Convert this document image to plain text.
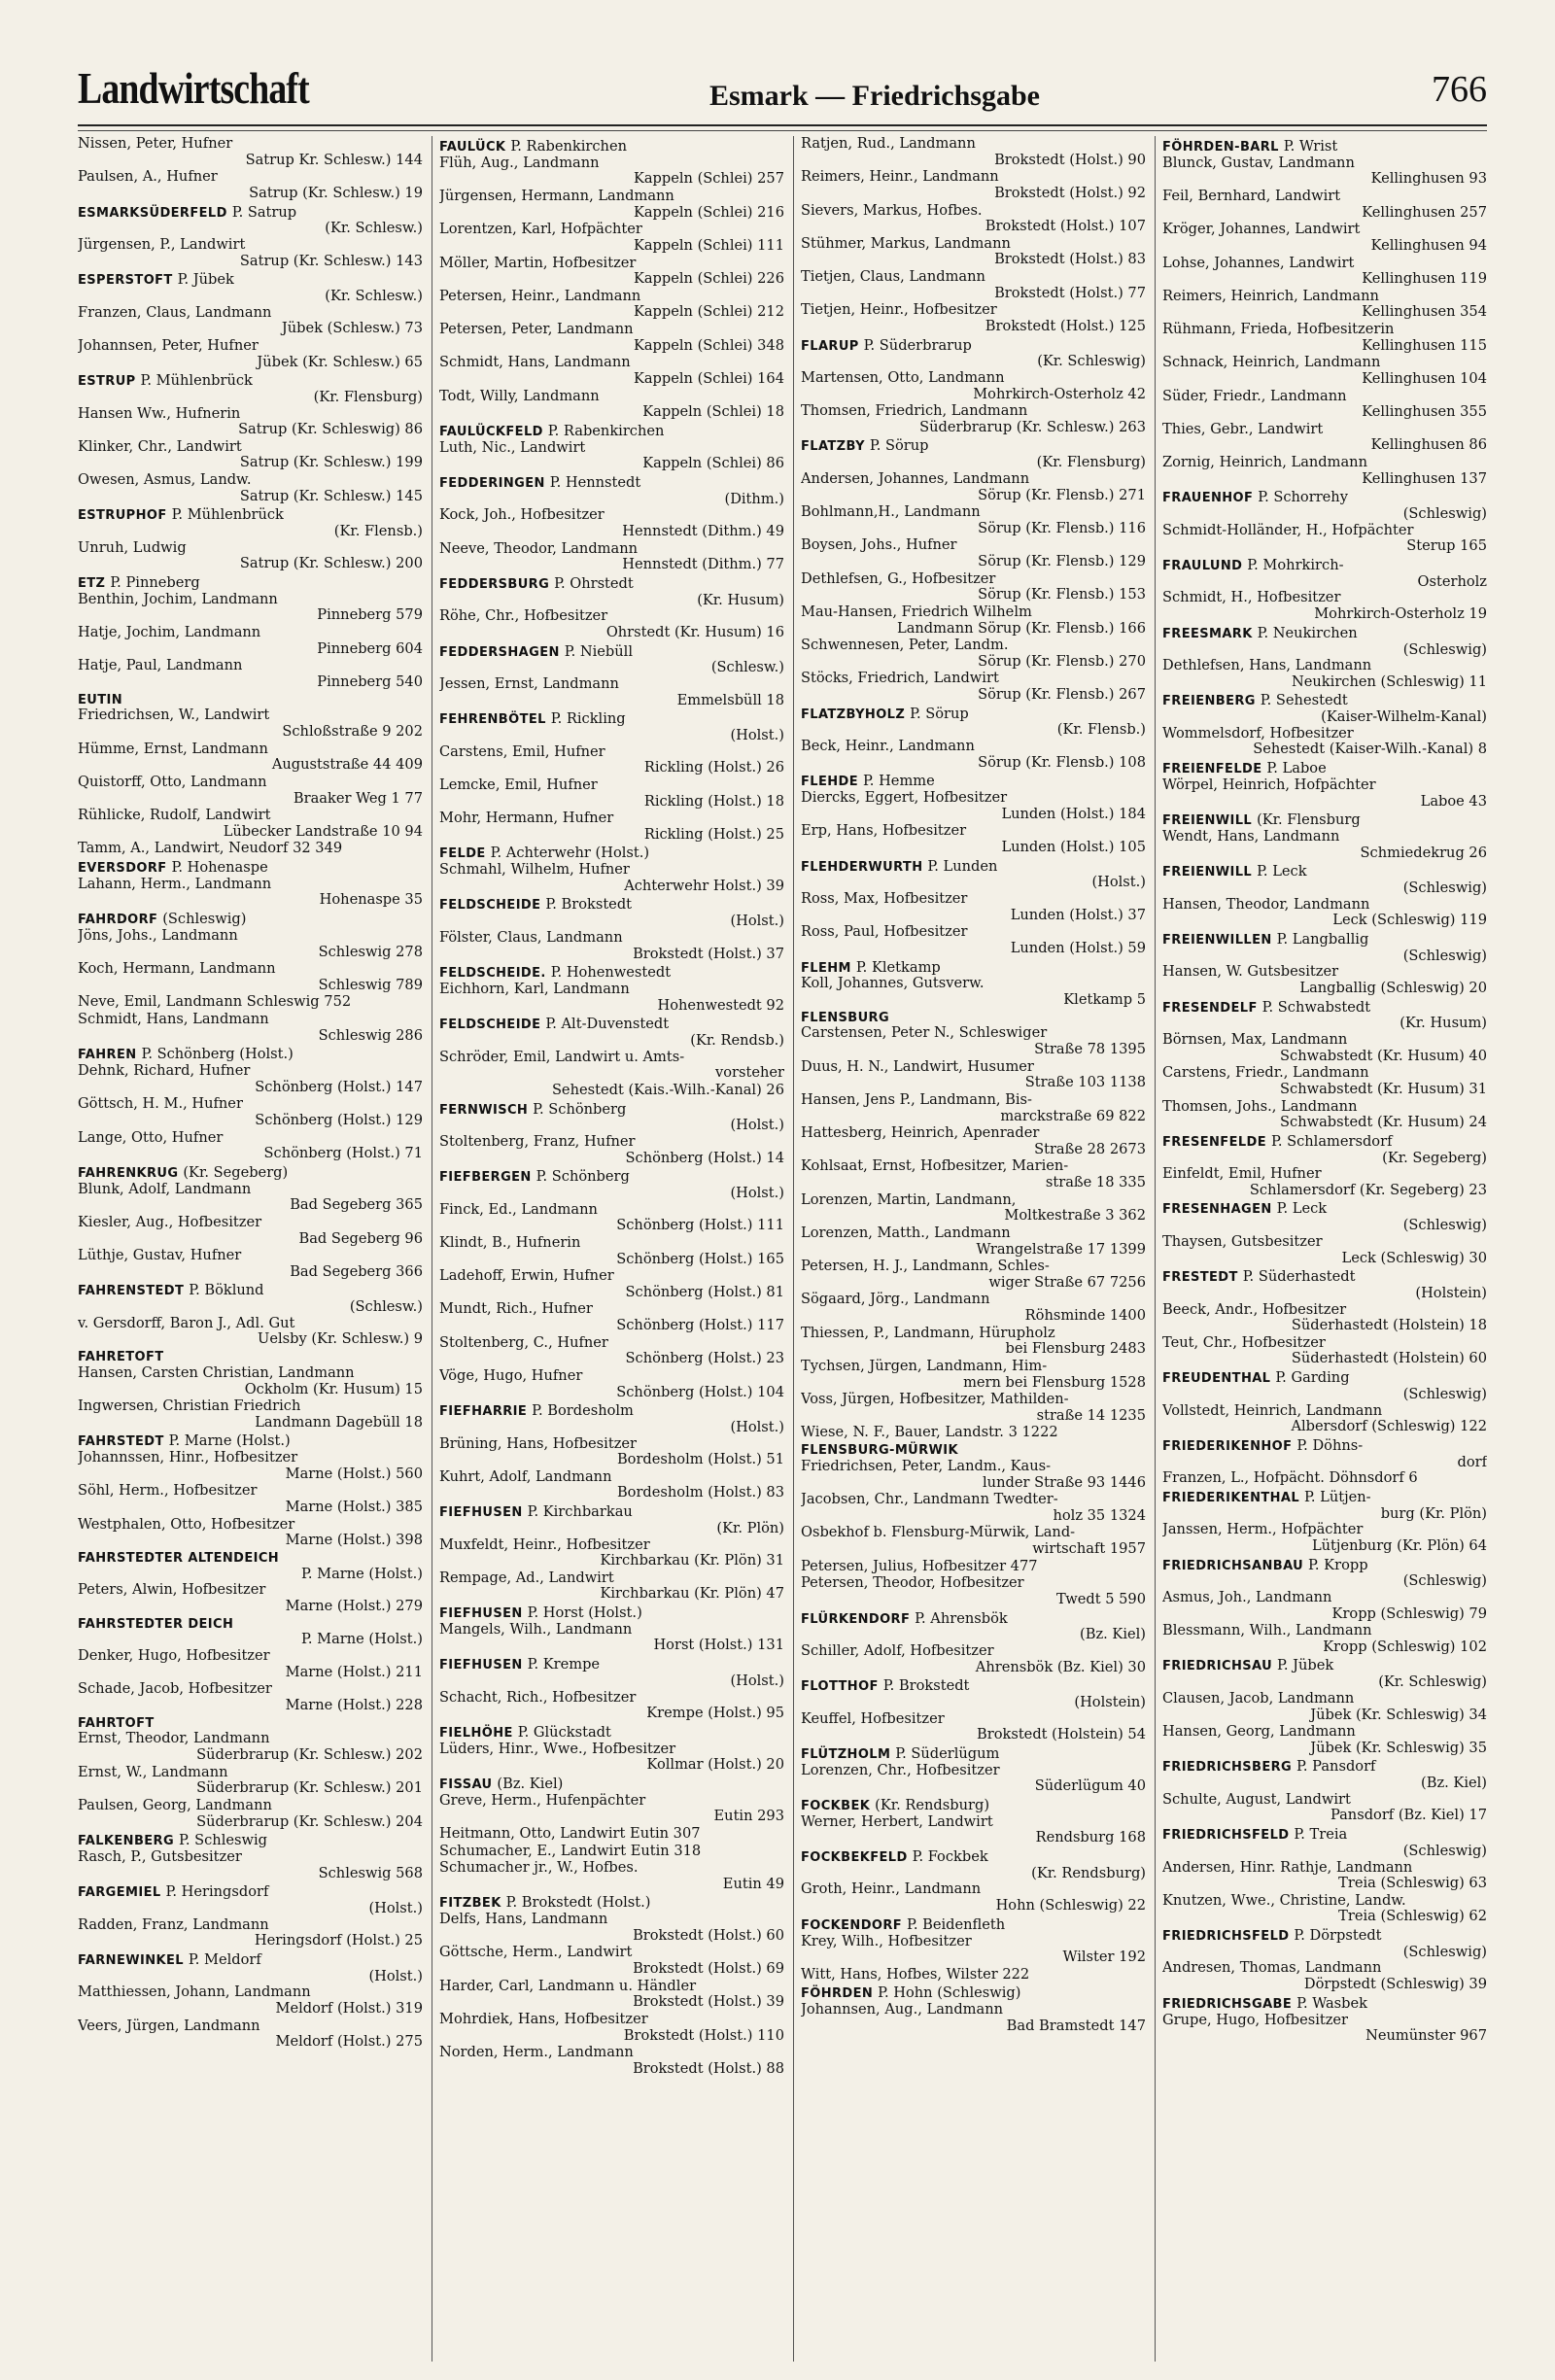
Landwirtschaft	Esmark — Friedrichsgabe	766
Nissen, Peter, Hufner
Satrup Kr. Schlesw.) 144
Paulsen, A., Hufner
Satrup (Kr. Schlesw.) 19
ESMARKSÜDERFELD P. Satrup
(Kr. Schlesw.)
Jürgensen, P., Landwirt
Satrup (Kr. Schlesw.) 143
ESPERSTOFT P. Jübek
(Kr. Schlesw.)
Franzen, Claus, Landmann
Jübek (Schlesw.) 73
Johannsen, Peter, Hufner
Jübek (Kr. Schlesw.) 65
ESTRUP P. Mühlenbrück
(Kr. Flensburg)
Hansen Ww., Hufnerin
Satrup (Kr. Schleswig) 86
Klinker, Chr., Landwirt
Satrup (Kr. Schlesw.) 199
Owesen, Asmus, Landw.
Satrup (Kr. Schlesw.) 145
ESTRUPHOF P. Mühlenbrück
(Kr. Flensb.)
Unruh, Ludwig
Satrup (Kr. Schlesw.) 200
ETZ P. Pinneberg
Benthin, Jochim, Landmann
Pinneberg 579
Hatje, Jochim, Landmann
Pinneberg 604
Hatje, Paul, Landmann
Pinneberg 540
EUTIN
Friedrichsen, W., Landwirt
Schloßstraße 9 202
Hümme, Ernst, Landmann
Auguststraße 44 409
Quistorff, Otto, Landmann
Braaker Weg 1 77
Rühlicke, Rudolf, Landwirt
Lübecker Landstraße 10 94
Tamm, A., Landwirt, Neudorf 32 349
EVERSDORF P. Hohenaspe
Lahann, Herm., Landmann
Hohenaspe 35
FAHRDORF (Schleswig)
Jöns, Johs., Landmann
Schleswig 278
Koch, Hermann, Landmann
Schleswig 789
Neve, Emil, Landmann Schleswig 752
Schmidt, Hans, Landmann
Schleswig 286
FAHREN P. Schönberg (Holst.)
Dehnk, Richard, Hufner
Schönberg (Holst.) 147
Göttsch, H. M., Hufner
Schönberg (Holst.) 129
Lange, Otto, Hufner
Schönberg (Holst.) 71
FAHRENKRUG (Kr. Segeberg)
Blunk, Adolf, Landmann
Bad Segeberg 365
Kiesler, Aug., Hofbesitzer
Bad Segeberg 96
Lüthje, Gustav, Hufner
Bad Segeberg 366
FAHRENSTEDT P. Böklund
(Schlesw.)
v. Gersdorff, Baron J., Adl. Gut
Uelsby (Kr. Schlesw.) 9
FAHRETOFT
Hansen, Carsten Christian, Landmann
Ockholm (Kr. Husum) 15
Ingwersen, Christian Friedrich
Landmann Dagebüll 18
FAHRSTEDT P. Marne (Holst.)
Johannssen, Hinr., Hofbesitzer
Marne (Holst.) 560
Söhl, Herm., Hofbesitzer
Marne (Holst.) 385
Westphalen, Otto, Hofbesitzer
Marne (Holst.) 398
FAHRSTEDTER ALTENDEICH
P. Marne (Holst.)
Peters, Alwin, Hofbesitzer
Marne (Holst.) 279
FAHRSTEDTER DEICH
P. Marne (Holst.)
Denker, Hugo, Hofbesitzer
Marne (Holst.) 211
Schade, Jacob, Hofbesitzer
Marne (Holst.) 228
FAHRTOFT
Ernst, Theodor, Landmann
Süderbrarup (Kr. Schlesw.) 202
Ernst, W., Landmann
Süderbrarup (Kr. Schlesw.) 201
Paulsen, Georg, Landmann
Süderbrarup (Kr. Schlesw.) 204
FALKENBERG P. Schleswig
Rasch, P., Gutsbesitzer
Schleswig 568
FARGEMIEL P. Heringsdorf
(Holst.)
Radden, Franz, Landmann
Heringsdorf (Holst.) 25
FARNEWINKEL P. Meldorf
(Holst.)
Matthiessen, Johann, Landmann
Meldorf (Holst.) 319
Veers, Jürgen, Landmann
Meldorf (Holst.) 275
FAULÜCK P. Rabenkirchen
Flüh, Aug., Landmann
Kappeln (Schlei) 257
Jürgensen, Hermann, Landmann
Kappeln (Schlei) 216
Lorentzen, Karl, Hofpächter
Kappeln (Schlei) 111
Möller, Martin, Hofbesitzer
Kappeln (Schlei) 226
Petersen, Heinr., Landmann
Kappeln (Schlei) 212
Petersen, Peter, Landmann
Kappeln (Schlei) 348
Schmidt, Hans, Landmann
Kappeln (Schlei) 164
Todt, Willy, Landmann
Kappeln (Schlei) 18
FAULÜCKFELD P. Rabenkirchen
Luth, Nic., Landwirt
Kappeln (Schlei) 86
FEDDERINGEN P. Hennstedt
(Dithm.)
Kock, Joh., Hofbesitzer
Hennstedt (Dithm.) 49
Neeve, Theodor, Landmann
Hennstedt (Dithm.) 77
FEDDERSBURG P. Ohrstedt
(Kr. Husum)
Röhe, Chr., Hofbesitzer
Ohrstedt (Kr. Husum) 16
FEDDERSHAGEN P. Niebüll
(Schlesw.)
Jessen, Ernst, Landmann
Emmelsbüll 18
FEHRENBÖTEL P. Rickling
(Holst.)
Carstens, Emil, Hufner
Rickling (Holst.) 26
Lemcke, Emil, Hufner
Rickling (Holst.) 18
Mohr, Hermann, Hufner
Rickling (Holst.) 25
FELDE P. Achterwehr (Holst.)
Schmahl, Wilhelm, Hufner
Achterwehr Holst.) 39
FELDSCHEIDE P. Brokstedt
(Holst.)
Fölster, Claus, Landmann
Brokstedt (Holst.) 37
FELDSCHEIDE. P. Hohenwestedt
Eichhorn, Karl, Landmann
Hohenwestedt 92
FELDSCHEIDE P. Alt-Duvenstedt
(Kr. Rendsb.)
Schröder, Emil, Landwirt u. Amts-
vorsteher
Sehestedt (Kais.-Wilh.-Kanal) 26
FERNWISCH P. Schönberg
(Holst.)
Stoltenberg, Franz, Hufner
Schönberg (Holst.) 14
FIEFBERGEN P. Schönberg
(Holst.)
Finck, Ed., Landmann
Schönberg (Holst.) 111
Klindt, B., Hufnerin
Schönberg (Holst.) 165
Ladehoff, Erwin, Hufner
Schönberg (Holst.) 81
Mundt, Rich., Hufner
Schönberg (Holst.) 117
Stoltenberg, C., Hufner
Schönberg (Holst.) 23
Vöge, Hugo, Hufner
Schönberg (Holst.) 104
FIEFHARRIE P. Bordesholm
(Holst.)
Brüning, Hans, Hofbesitzer
Bordesholm (Holst.) 51
Kuhrt, Adolf, Landmann
Bordesholm (Holst.) 83
FIEFHUSEN P. Kirchbarkau
(Kr. Plön)
Muxfeldt, Heinr., Hofbesitzer
Kirchbarkau (Kr. Plön) 31
Rempage, Ad., Landwirt
Kirchbarkau (Kr. Plön) 47
FIEFHUSEN P. Horst (Holst.)
Mangels, Wilh., Landmann
Horst (Holst.) 131
FIEFHUSEN P. Krempe
(Holst.)
Schacht, Rich., Hofbesitzer
Krempe (Holst.) 95
FIELHÖHE P. Glückstadt
Lüders, Hinr., Wwe., Hofbesitzer
Kollmar (Holst.) 20
FISSAU (Bz. Kiel)
Greve, Herm., Hufenpächter
Eutin 293
Heitmann, Otto, Landwirt Eutin 307
Schumacher, E., Landwirt Eutin 318
Schumacher jr., W., Hofbes.
Eutin 49
FITZBEK P. Brokstedt (Holst.)
Delfs, Hans, Landmann
Brokstedt (Holst.) 60
Göttsche, Herm., Landwirt
Brokstedt (Holst.) 69
Harder, Carl, Landmann u. Händler
Brokstedt (Holst.) 39
Mohrdiek, Hans, Hofbesitzer
Brokstedt (Holst.) 110
Norden, Herm., Landmann
Brokstedt (Holst.) 88
Ratjen, Rud., Landmann
Brokstedt (Holst.) 90
Reimers, Heinr., Landmann
Brokstedt (Holst.) 92
Sievers, Markus, Hofbes.
Brokstedt (Holst.) 107
Stühmer, Markus, Landmann
Brokstedt (Holst.) 83
Tietjen, Claus, Landmann
Brokstedt (Holst.) 77
Tietjen, Heinr., Hofbesitzer
Brokstedt (Holst.) 125
FLARUP P. Süderbrarup
(Kr. Schleswig)
Martensen, Otto, Landmann
Mohrkirch-Osterholz 42
Thomsen, Friedrich, Landmann
Süderbrarup (Kr. Schlesw.) 263
FLATZBY P. Sörup
(Kr. Flensburg)
Andersen, Johannes, Landmann
Sörup (Kr. Flensb.) 271
Bohlmann,H., Landmann
Sörup (Kr. Flensb.) 116
Boysen, Johs., Hufner
Sörup (Kr. Flensb.) 129
Dethlefsen, G., Hofbesitzer
Sörup (Kr. Flensb.) 153
Mau-Hansen, Friedrich Wilhelm
Landmann Sörup (Kr. Flensb.) 166
Schwennesen, Peter, Landm.
Sörup (Kr. Flensb.) 270
Stöcks, Friedrich, Landwirt
Sörup (Kr. Flensb.) 267
FLATZBYHOLZ P. Sörup
(Kr. Flensb.)
Beck, Heinr., Landmann
Sörup (Kr. Flensb.) 108
FLEHDE P. Hemme
Diercks, Eggert, Hofbesitzer
Lunden (Holst.) 184
Erp, Hans, Hofbesitzer
Lunden (Holst.) 105
FLEHDERWURTH P. Lunden
(Holst.)
Ross, Max, Hofbesitzer
Lunden (Holst.) 37
Ross, Paul, Hofbesitzer
Lunden (Holst.) 59
FLEHM P. Kletkamp
Koll, Johannes, Gutsverw.
Kletkamp 5
FLENSBURG
Carstensen, Peter N., Schleswiger
Straße 78 1395
Duus, H. N., Landwirt, Husumer
Straße 103 1138
Hansen, Jens P., Landmann, Bis-
marckstraße 69 822
Hattesberg, Heinrich, Apenrader
Straße 28 2673
Kohlsaat, Ernst, Hofbesitzer, Marien-
straße 18 335
Lorenzen, Martin, Landmann,
Moltkestraße 3 362
Lorenzen, Matth., Landmann
Wrangelstraße 17 1399
Petersen, H. J., Landmann, Schles-
wiger Straße 67 7256
Sögaard, Jörg., Landmann
Röhsminde 1400
Thiessen, P., Landmann, Hürupholz
bei Flensburg 2483
Tychsen, Jürgen, Landmann, Him-
mern bei Flensburg 1528
Voss, Jürgen, Hofbesitzer, Mathilden-
straße 14 1235
Wiese, N. F., Bauer, Landstr. 3 1222
FLENSBURG-MÜRWIK
Friedrichsen, Peter, Landm., Kaus-
lunder Straße 93 1446
Jacobsen, Chr., Landmann Twedter-
holz 35 1324
Osbekhof b. Flensburg-Mürwik, Land-
wirtschaft 1957
Petersen, Julius, Hofbesitzer 477
Petersen, Theodor, Hofbesitzer
Twedt 5 590
FLÜRKENDORF P. Ahrensbök
(Bz. Kiel)
Schiller, Adolf, Hofbesitzer
Ahrensbök (Bz. Kiel) 30
FLOTTHOF P. Brokstedt
(Holstein)
Keuffel, Hofbesitzer
Brokstedt (Holstein) 54
FLÜTZHOLM P. Süderlügum
Lorenzen, Chr., Hofbesitzer
Süderlügum 40
FOCKBEK (Kr. Rendsburg)
Werner, Herbert, Landwirt
Rendsburg 168
FOCKBEKFELD P. Fockbek
(Kr. Rendsburg)
Groth, Heinr., Landmann
Hohn (Schleswig) 22
FOCKENDORF P. Beidenfleth
Krey, Wilh., Hofbesitzer
Wilster 192
Witt, Hans, Hofbes, Wilster 222
FÖHRDEN P. Hohn (Schleswig)
Johannsen, Aug., Landmann
Bad Bramstedt 147
FÖHRDEN-BARL P. Wrist
Blunck, Gustav, Landmann
Kellinghusen 93
Feil, Bernhard, Landwirt
Kellinghusen 257
Kröger, Johannes, Landwirt
Kellinghusen 94
Lohse, Johannes, Landwirt
Kellinghusen 119
Reimers, Heinrich, Landmann
Kellinghusen 354
Rühmann, Frieda, Hofbesitzerin
Kellinghusen 115
Schnack, Heinrich, Landmann
Kellinghusen 104
Süder, Friedr., Landmann
Kellinghusen 355
Thies, Gebr., Landwirt
Kellinghusen 86
Zornig, Heinrich, Landmann
Kellinghusen 137
FRAUENHOF P. Schorrehy
(Schleswig)
Schmidt-Holländer, H., Hofpächter
Sterup 165
FRAULUND P. Mohrkirch-
Osterholz
Schmidt, H., Hofbesitzer
Mohrkirch-Osterholz 19
FREESMARK P. Neukirchen
(Schleswig)
Dethlefsen, Hans, Landmann
Neukirchen (Schleswig) 11
FREIENBERG P. Sehestedt
(Kaiser-Wilhelm-Kanal)
Wommelsdorf, Hofbesitzer
Sehestedt (Kaiser-Wilh.-Kanal) 8
FREIENFELDE P. Laboe
Wörpel, Heinrich, Hofpächter
Laboe 43
FREIENWILL (Kr. Flensburg
Wendt, Hans, Landmann
Schmiedekrug 26
FREIENWILL P. Leck
(Schleswig)
Hansen, Theodor, Landmann
Leck (Schleswig) 119
FREIENWILLEN P. Langballig
(Schleswig)
Hansen, W. Gutsbesitzer
Langballig (Schleswig) 20
FRESENDELF P. Schwabstedt
(Kr. Husum)
Börnsen, Max, Landmann
Schwabstedt (Kr. Husum) 40
Carstens, Friedr., Landmann
Schwabstedt (Kr. Husum) 31
Thomsen, Johs., Landmann
Schwabstedt (Kr. Husum) 24
FRESENFELDE P. Schlamersdorf
(Kr. Segeberg)
Einfeldt, Emil, Hufner
Schlamersdorf (Kr. Segeberg) 23
FRESENHAGEN P. Leck
(Schleswig)
Thaysen, Gutsbesitzer
Leck (Schleswig) 30
FRESTEDT P. Süderhastedt
(Holstein)
Beeck, Andr., Hofbesitzer
Süderhastedt (Holstein) 18
Teut, Chr., Hofbesitzer
Süderhastedt (Holstein) 60
FREUDENTHAL P. Garding
(Schleswig)
Vollstedt, Heinrich, Landmann
Albersdorf (Schleswig) 122
FRIEDERIKENHOF P. Döhns-
dorf
Franzen, L., Hofpächt. Döhnsdorf 6
FRIEDERIKENTHAL P. Lütjen-
burg (Kr. Plön)
Janssen, Herm., Hofpächter
Lütjenburg (Kr. Plön) 64
FRIEDRICHSANBAU P. Kropp
(Schleswig)
Asmus, Joh., Landmann
Kropp (Schleswig) 79
Blessmann, Wilh., Landmann
Kropp (Schleswig) 102
FRIEDRICHSAU P. Jübek
(Kr. Schleswig)
Clausen, Jacob, Landmann
Jübek (Kr. Schleswig) 34
Hansen, Georg, Landmann
Jübek (Kr. Schleswig) 35
FRIEDRICHSBERG P. Pansdorf
(Bz. Kiel)
Schulte, August, Landwirt
Pansdorf (Bz. Kiel) 17
FRIEDRICHSFELD P. Treia
(Schleswig)
Andersen, Hinr. Rathje, Landmann
Treia (Schleswig) 63
Knutzen, Wwe., Christine, Landw.
Treia (Schleswig) 62
FRIEDRICHSFELD P. Dörpstedt
(Schleswig)
Andresen, Thomas, Landmann
Dörpstedt (Schleswig) 39
FRIEDRICHSGABE P. Wasbek
Grupe, Hugo, Hofbesitzer
Neumünster 967
